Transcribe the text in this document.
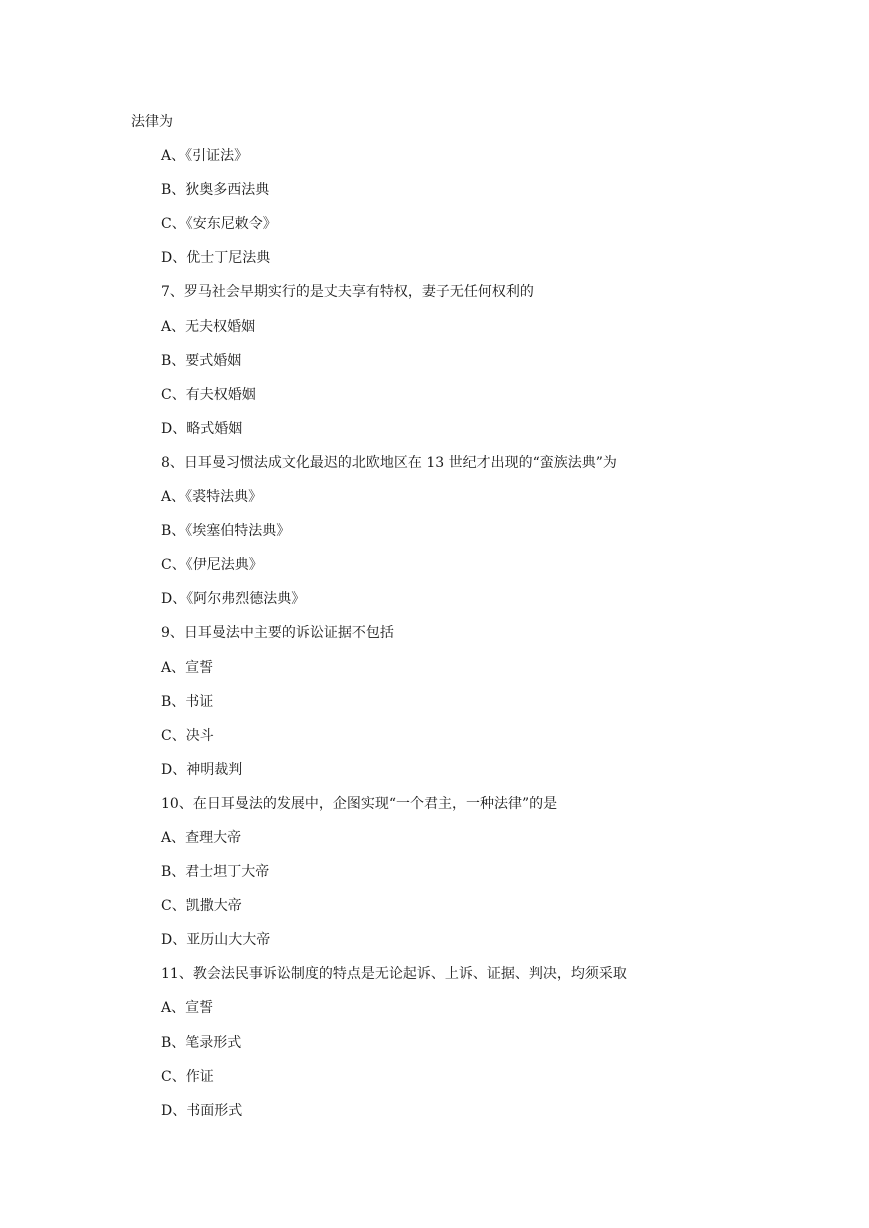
法律为
A、《引证法》
B、狄奥多西法典
C、《安东尼敕令》
D、优士丁尼法典
7、罗马社会早期实行的是丈夫享有特权，妻子无任何权利的
A、无夫权婚姻
B、要式婚姻
C、有夫权婚姻
D、略式婚姻
8、日耳曼习惯法成文化最迟的北欧地区在 13 世纪才出现的“蛮族法典”为
A、《裘特法典》
B、《埃塞伯特法典》
C、《伊尼法典》
D、《阿尔弗烈德法典》
9、日耳曼法中主要的诉讼证据不包括
A、宣誓
B、书证
C、决斗
D、神明裁判
10、在日耳曼法的发展中，企图实现“一个君主，一种法律”的是
A、查理大帝
B、君士坦丁大帝
C、凯撒大帝
D、亚历山大大帝
11、教会法民事诉讼制度的特点是无论起诉、上诉、证据、判决，均须采取
A、宣誓
B、笔录形式
C、作证
D、书面形式
